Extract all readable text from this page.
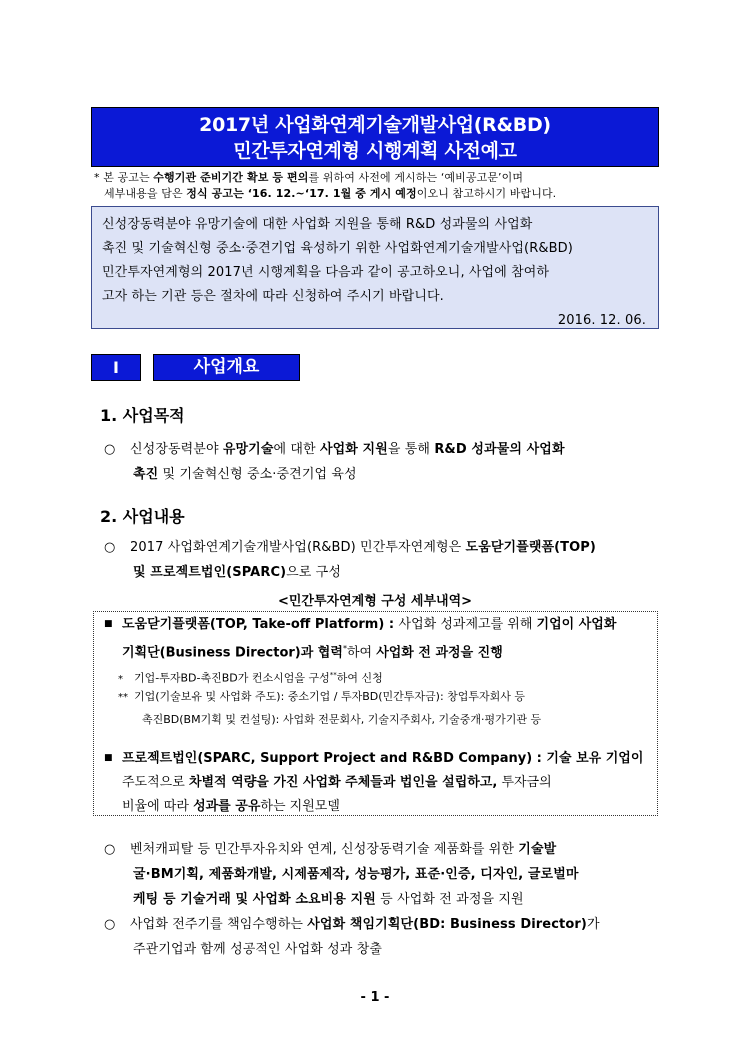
2017년 사업화연계기술개발사업(R&BD)
민간투자연계형 시행계획 사전예고
* 본 공고는 수행기관 준비기간 확보 등 편의를 위하여 사전에 게시하는 ‘예비공고문’이며
세부내용을 담은 정식 공고는 ‘16. 12.~‘17. 1월 중 게시 예정이오니 참고하시기 바랍니다.
신성장동력분야 유망기술에 대한 사업화 지원을 통해 R&D 성과물의 사업화
촉진 및 기술혁신형 중소·중견기업 육성하기 위한 사업화연계기술개발사업(R&BD)
민간투자연계형의 2017년 시행계획을 다음과 같이 공고하오니, 사업에 참여하
고자 하는 기관 등은 절차에 따라 신청하여 주시기 바랍니다.
2016. 12. 06.
Ⅰ	사업개요
1. 사업목적
○ 신성장동력분야 유망기술에 대한 사업화 지원을 통해 R&D 성과물의 사업화
촉진 및 기술혁신형 중소·중견기업 육성
2. 사업내용
○ 2017 사업화연계기술개발사업(R&BD) 민간투자연계형은 도움닫기플랫폼(TOP)
및 프로젝트법인(SPARC)으로 구성
<민간투자연계형 구성 세부내역>
■ 도움닫기플랫폼(TOP, Take-off Platform) : 사업화 성과제고를 위해 기업이 사업화
기획단(Business Director)과 협력*하여 사업화 전 과정을 진행
* 기업-투자BD-촉진BD가 컨소시엄을 구성**하여 신청
** 기업(기술보유 및 사업화 주도): 중소기업 / 투자BD(민간투자금): 창업투자회사 등
촉진BD(BM기획 및 컨설팅): 사업화 전문회사, 기술지주회사, 기술중개·평가기관 등
■ 프로젝트법인(SPARC, Support Project and R&BD Company) : 기술 보유 기업이
주도적으로 차별적 역량을 가진 사업화 주체들과 법인을 설립하고, 투자금의
비율에 따라 성과를 공유하는 지원모델
○ 벤처캐피탈 등 민간투자유치와 연계, 신성장동력기술 제품화를 위한 기술발
굴·BM기획, 제품화개발, 시제품제작, 성능평가, 표준·인증, 디자인, 글로벌마
케팅 등 기술거래 및 사업화 소요비용 지원 등 사업화 전 과정을 지원
○ 사업화 전주기를 책임수행하는 사업화 책임기획단(BD: Business Director)가
주관기업과 함께 성공적인 사업화 성과 창출
- 1 -
